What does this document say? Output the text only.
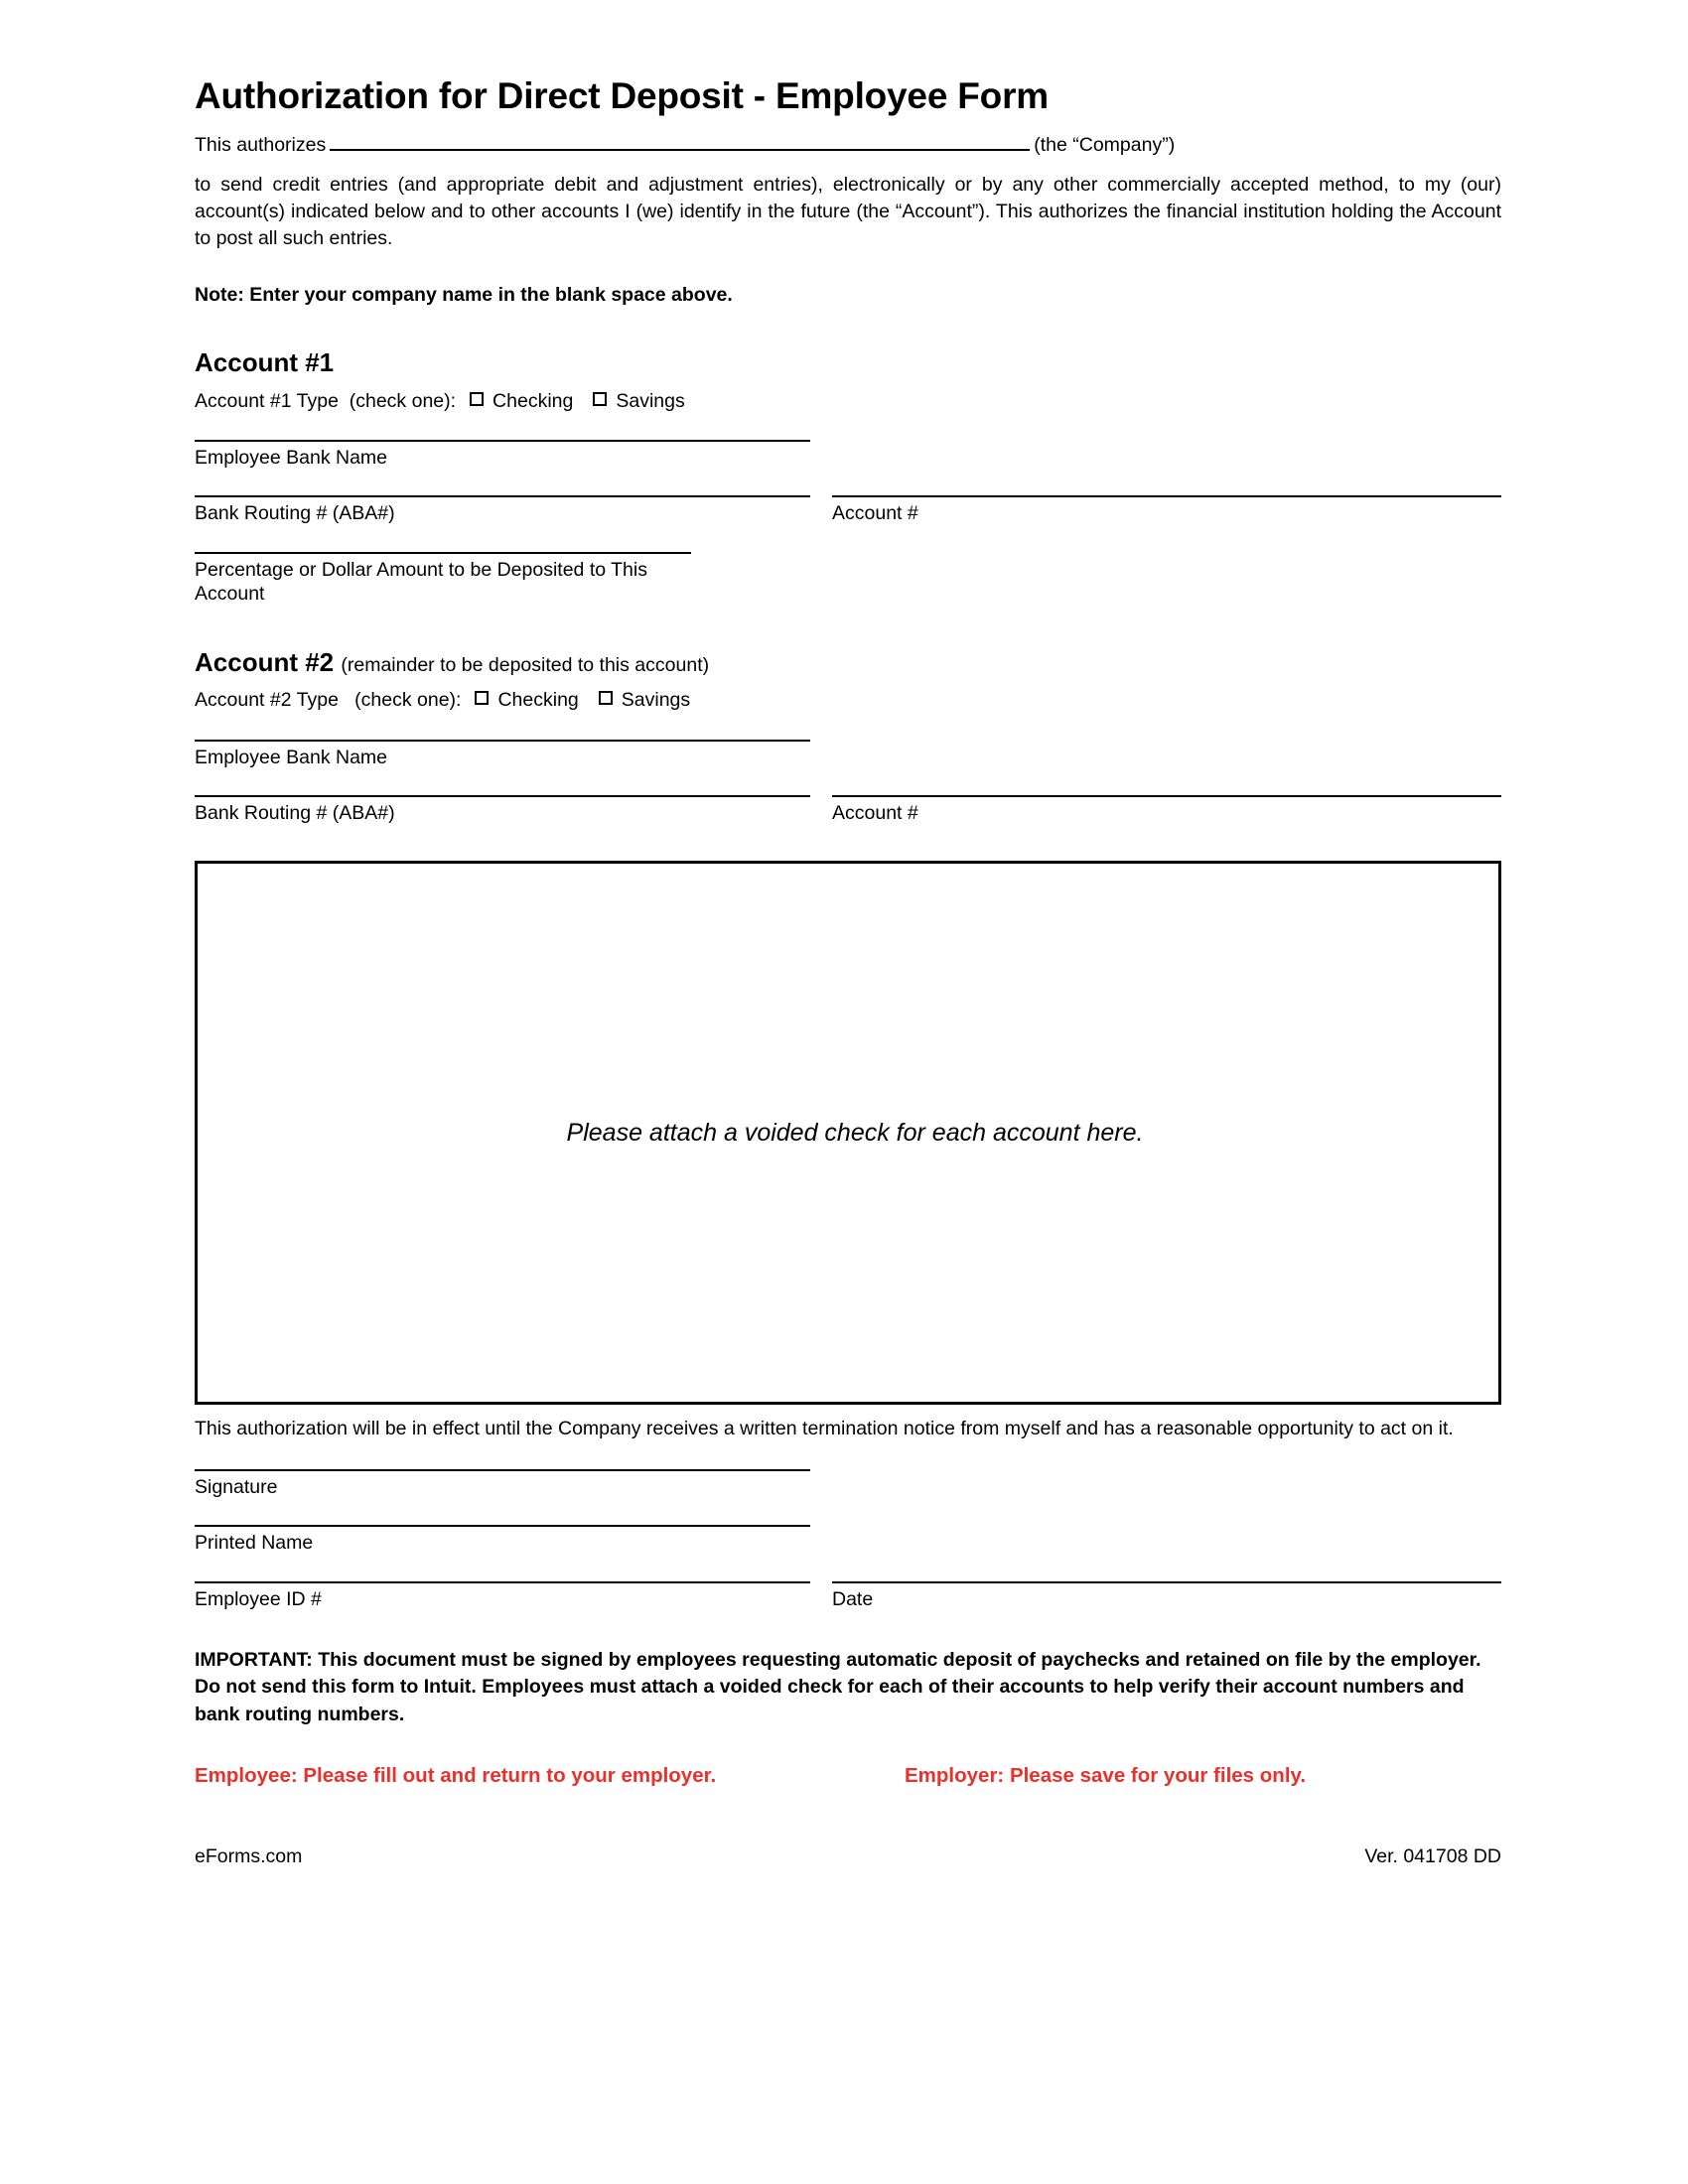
Authorization for Direct Deposit - Employee Form

This authorizes	(the “Company”)

to send credit entries (and appropriate debit and adjustment entries), electronically or by any other commercially accepted method, to my (our) account(s) indicated below and to other accounts I (we) identify in the future (the “Account”). This authorizes the financial institution holding the Account to post all such entries.

Note: Enter your company name in the blank space above.

Account #1
Account #1 Type  (check one): Checking Savings
Employee Bank Name
Bank Routing # (ABA#)	Account #
Percentage or Dollar Amount to be Deposited to This Account
Account #2 (remainder to be deposited to this account)
Account #2 Type   (check one): Checking Savings
Employee Bank Name
Bank Routing # (ABA#)	Account #
Please attach a voided check for each account here.

This authorization will be in effect until the Company receives a written termination notice from myself and has a reasonable opportunity to act on it.

Signature
Printed Name
Employee ID #	Date

IMPORTANT: This document must be signed by employees requesting automatic deposit of paychecks and retained on file by the employer. Do not send this form to Intuit. Employees must attach a voided check for each of their accounts to help verify their account numbers and bank routing numbers.

Employee: Please fill out and return to your employer.	Employer: Please save for your files only.
eForms.com	Ver. 041708 DD
